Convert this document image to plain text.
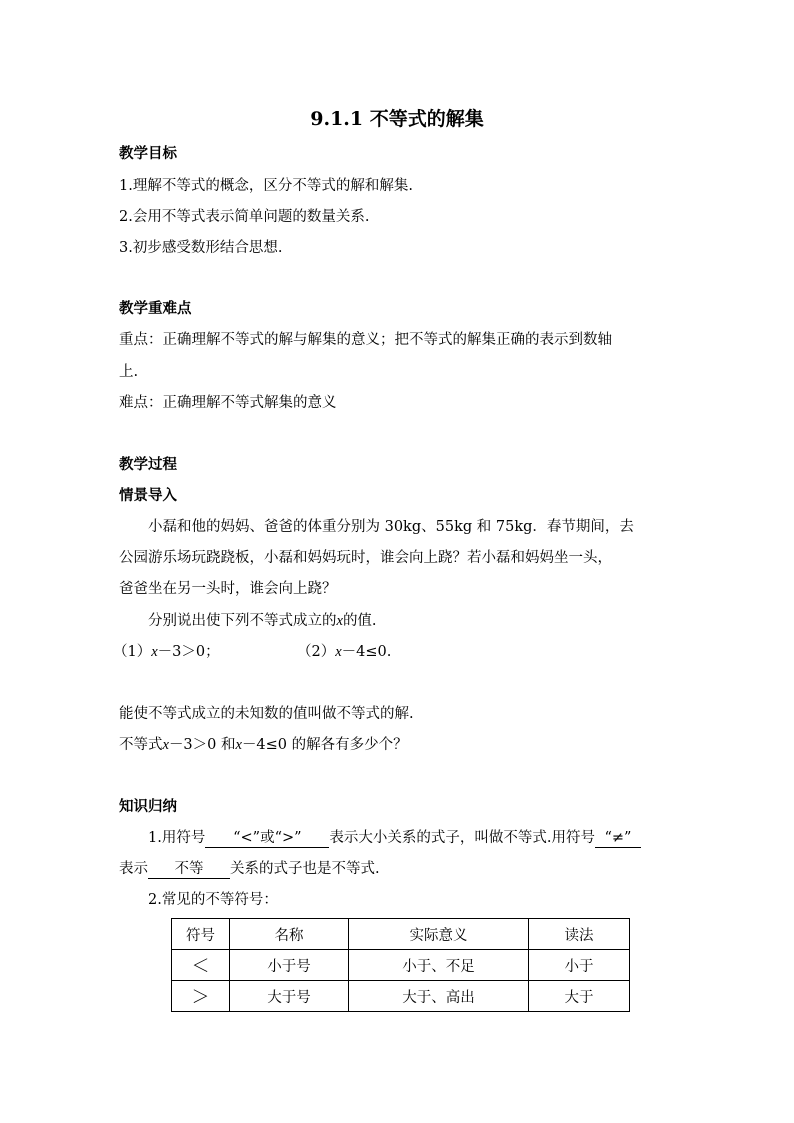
9.1.1 不等式的解集
教学目标
1.理解不等式的概念，区分不等式的解和解集.
2.会用不等式表示简单问题的数量关系.
3.初步感受数形结合思想.
教学重难点
重点：正确理解不等式的解与解集的意义；把不等式的解集正确的表示到数轴
上.
难点：正确理解不等式解集的意义
教学过程
情景导入
小磊和他的妈妈、爸爸的体重分别为 30kg、55kg 和 75kg．春节期间，去
公园游乐场玩跷跷板，小磊和妈妈玩时，谁会向上跷？若小磊和妈妈坐一头，
爸爸坐在另一头时，谁会向上跷？
分别说出使下列不等式成立的x的值.
（1）x－3＞0；	（2）x－4≤0.
能使不等式成立的未知数的值叫做不等式的解.
不等式x－3＞0 和x－4≤0 的解各有多少个？
知识归纳
1.用符号 “<”或“>” 表示大小关系的式子，叫做不等式.用符号 “≠”
表示 不等 关系的式子也是不等式.
2.常见的不等符号：
符号	名称	实际意义	读法
＜	小于号	小于、不足	小于
＞	大于号	大于、高出	大于
